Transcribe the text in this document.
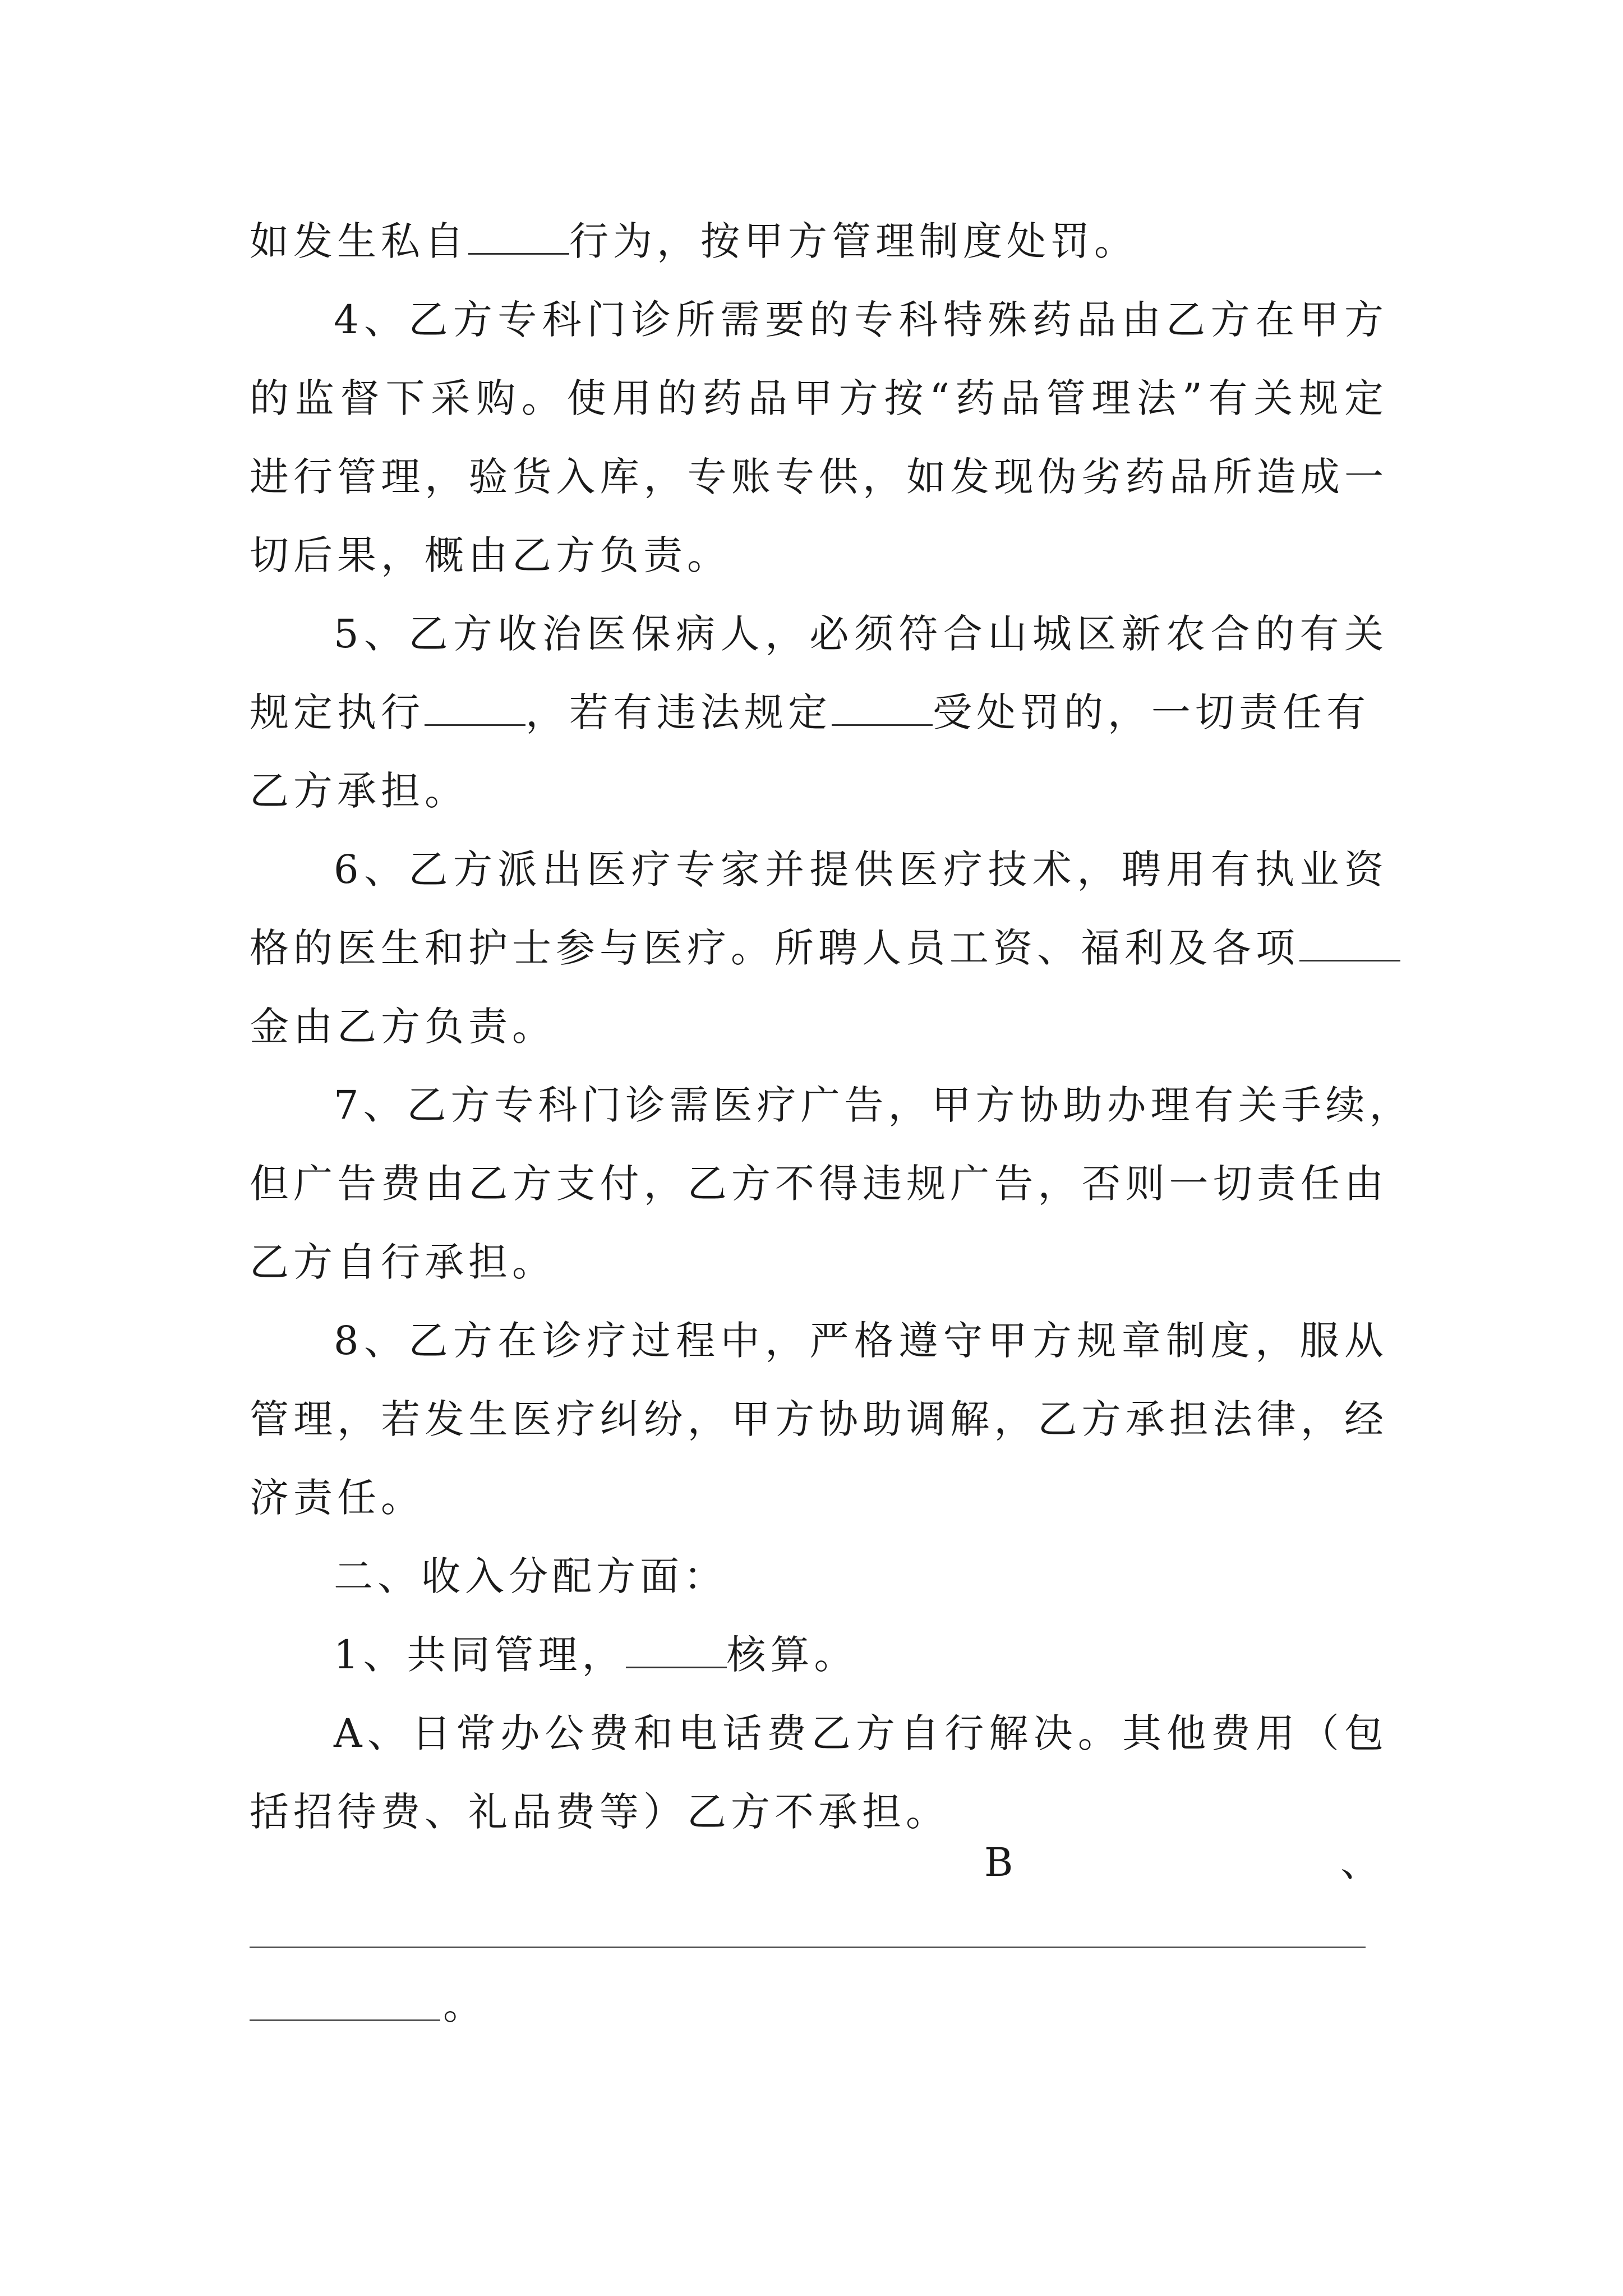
如发生私自	行为，按甲方管理制度处罚。
4、乙方专科门诊所需要的专科特殊药品由乙方在甲方
的监督下采购。使用的药品甲方按“药品管理法”有关规定
进行管理，验货入库，专账专供，如发现伪劣药品所造成一
切后果，概由乙方负责。
5、乙方收治医保病人，必须符合山城区新农合的有关
规定执行	，若有违法规定	受处罚的，一切责任有
乙方承担。
6、乙方派出医疗专家并提供医疗技术，聘用有执业资
格的医生和护士参与医疗。所聘人员工资、福利及各项
金由乙方负责。
7、乙方专科门诊需医疗广告，甲方协助办理有关手续，
但广告费由乙方支付，乙方不得违规广告，否则一切责任由
乙方自行承担。
8、乙方在诊疗过程中，严格遵守甲方规章制度，服从
管理，若发生医疗纠纷，甲方协助调解，乙方承担法律，经
济责任。
二、收入分配方面：
1、共同管理，	核算。
A、日常办公费和电话费乙方自行解决。其他费用（包
括招待费、礼品费等）乙方不承担。
B	、
。
